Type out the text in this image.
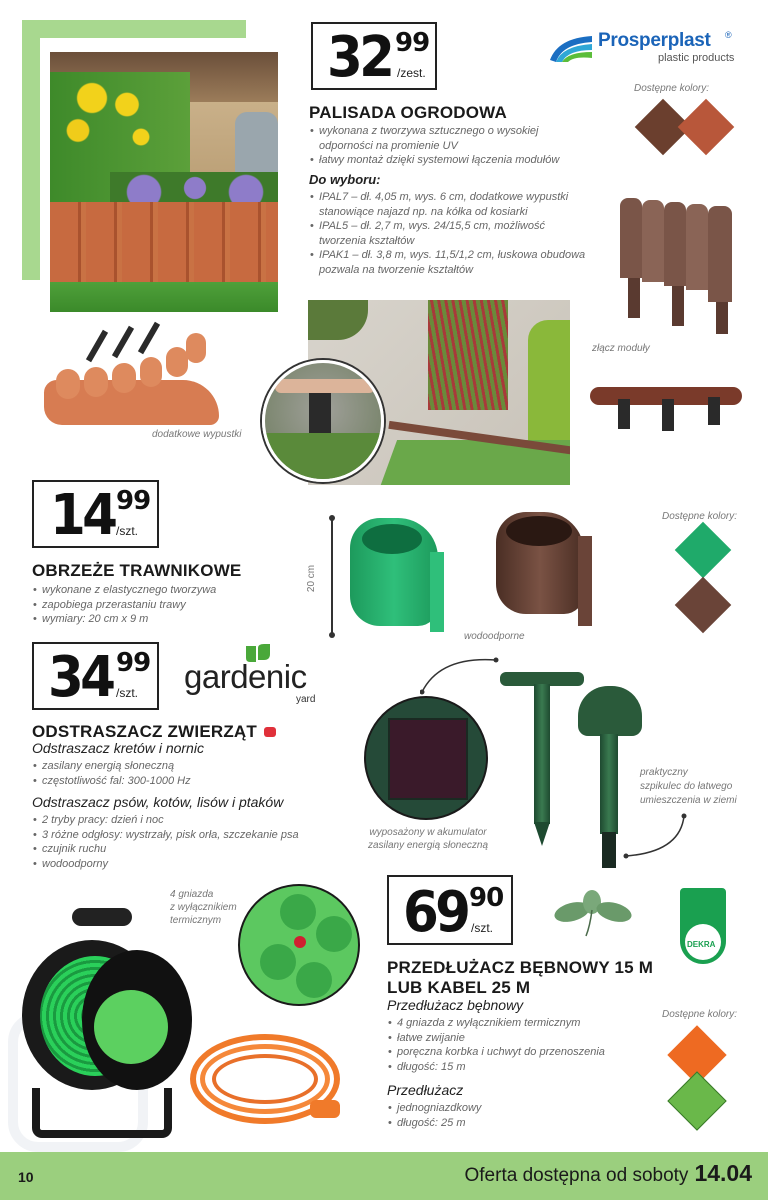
32 99
/zest.
Prosperplast ®
plastic products
Dostępne kolory:
PALISADA OGRODOWA
• wykonana z tworzywa sztucznego o wysokiej odporności na promienie UV
• łatwy montaż dzięki systemowi łączenia modułów
Do wyboru:
• IPAL7 – dł. 4,05 m, wys. 6 cm, dodatkowe wypustki stanowiące najazd np. na kółka od kosiarki
• IPAL5 – dł. 2,7 m, wys. 24/15,5 cm, możliwość tworzenia kształtów
• IPAK1 – dł. 3,8 m, wys. 11,5/1,2 cm, łuskowa obudowa pozwala na tworzenie kształtów
złącz moduły
dodatkowe wypustki
14 99
/szt.
OBRZEŻE TRAWNIKOWE
• wykonane z elastycznego tworzywa
• zapobiega przerastaniu trawy
• wymiary: 20 cm x 9 m
20 cm
wodoodporne
Dostępne kolory:
34 99
/szt. gardenic
yard
ODSTRASZACZ ZWIERZĄT
Odstraszacz kretów i nornic
• zasilany energią słoneczną
• częstotliwość fal: 300-1000 Hz
Odstraszacz psów, kotów, lisów i ptaków
• 2 tryby pracy: dzień i noc
• 3 różne odgłosy: wystrzały, pisk orła, szczekanie psa
• czujnik ruchu
• wodoodporny
wyposażony w akumulator zasilany energią słoneczną
praktyczny
szpikulec do łatwego
umieszczenia w ziemi
4 gniazda
z wyłącznikiem
termicznym	69 90
/szt.
DEKRA
PRZEDŁUŻACZ BĘBNOWY 15 M
LUB KABEL 25 M
Przedłużacz bębnowy
• 4 gniazda z wyłącznikiem termicznym
• łatwe zwijanie
• poręczna korbka i uchwyt do przenoszenia
• długość: 15 m
Przedłużacz
• jednogniazdkowy
• długość: 25 m
Dostępne kolory:
10	Oferta dostępna od soboty 14.04
